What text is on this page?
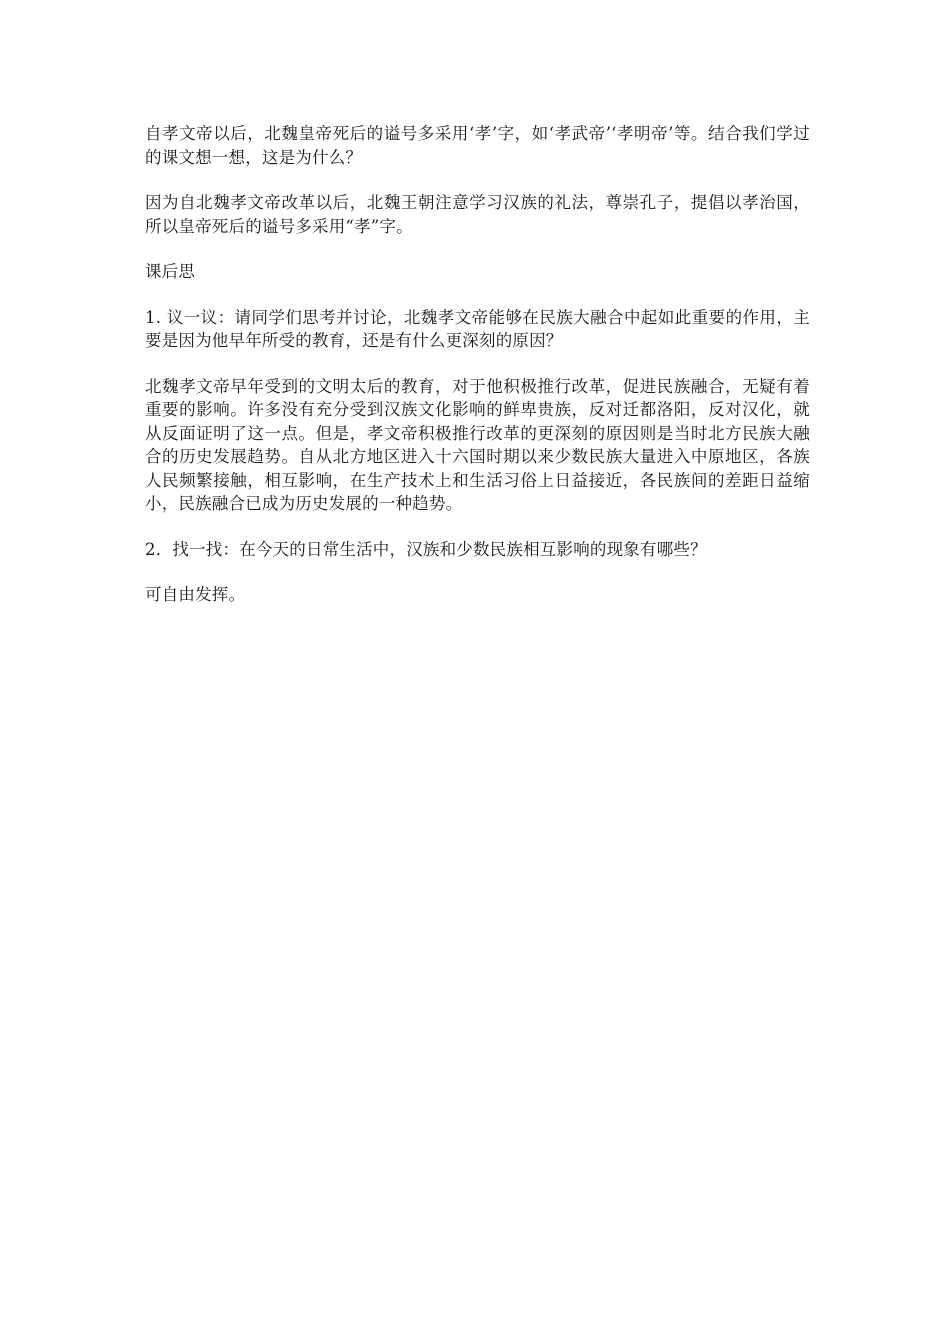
自孝文帝以后，北魏皇帝死后的谥号多采用‘孝’字，如‘孝武帝’‘孝明帝’等。结合我们学过的课文想一想，这是为什么？

因为自北魏孝文帝改革以后，北魏王朝注意学习汉族的礼法，尊崇孔子，提倡以孝治国，所以皇帝死后的谥号多采用“孝”字。

课后思

1. 议一议：请同学们思考并讨论，北魏孝文帝能够在民族大融合中起如此重要的作用，主要是因为他早年所受的教育，还是有什么更深刻的原因？

北魏孝文帝早年受到的文明太后的教育，对于他积极推行改革，促进民族融合，无疑有着重要的影响。许多没有充分受到汉族文化影响的鲜卑贵族，反对迁都洛阳，反对汉化，就从反面证明了这一点。但是，孝文帝积极推行改革的更深刻的原因则是当时北方民族大融合的历史发展趋势。自从北方地区进入十六国时期以来少数民族大量进入中原地区，各族人民频繁接触，相互影响，在生产技术上和生活习俗上日益接近，各民族间的差距日益缩小，民族融合已成为历史发展的一种趋势。

2．找一找：在今天的日常生活中，汉族和少数民族相互影响的现象有哪些？

可自由发挥。
